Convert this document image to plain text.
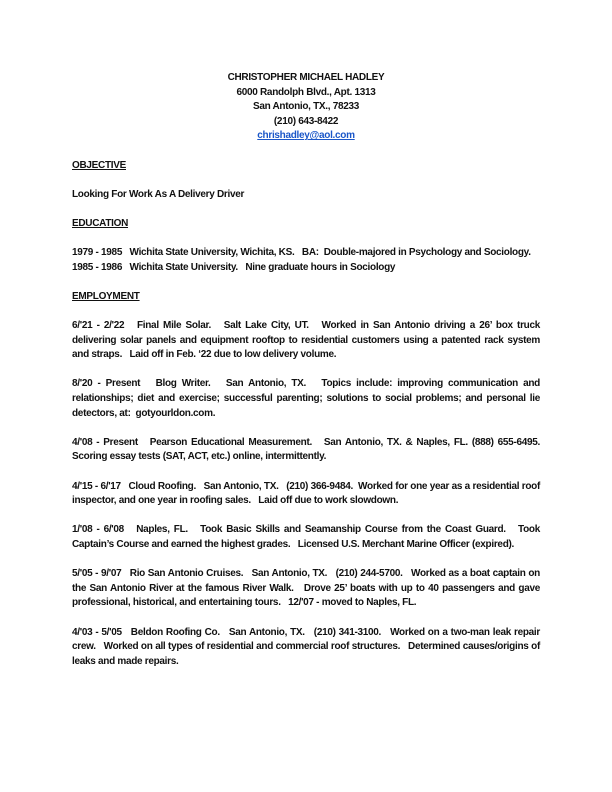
CHRISTOPHER MICHAEL HADLEY
6000 Randolph Blvd., Apt. 1313
San Antonio, TX., 78233
(210) 643-8422
chrishadley@aol.com
OBJECTIVE
Looking For Work As A Delivery Driver
EDUCATION
1979 - 1985   Wichita State University, Wichita, KS.   BA:  Double-majored in Psychology and Sociology.
1985 - 1986   Wichita State University.   Nine graduate hours in Sociology
EMPLOYMENT
6/'21 - 2/'22   Final Mile Solar.   Salt Lake City, UT.   Worked in San Antonio driving a 26’ box truck delivering solar panels and equipment rooftop to residential customers using a patented rack system and straps.   Laid off in Feb. ‘22 due to low delivery volume.
8/'20 - Present   Blog Writer.   San Antonio, TX.   Topics include: improving communication and relationships; diet and exercise; successful parenting; solutions to social problems; and personal lie detectors, at:  gotyourldon.com.
4/'08 - Present   Pearson Educational Measurement.   San Antonio, TX. & Naples, FL. (888) 655-6495.   Scoring essay tests (SAT, ACT, etc.) online, intermittently.
4/'15 - 6/'17   Cloud Roofing.   San Antonio, TX.   (210) 366-9484.  Worked for one year as a residential roof inspector, and one year in roofing sales.   Laid off due to work slowdown.
1/'08 - 6/'08   Naples, FL.   Took Basic Skills and Seamanship Course from the Coast Guard.   Took Captain’s Course and earned the highest grades.   Licensed U.S. Merchant Marine Officer (expired).
5/'05 - 9/'07   Rio San Antonio Cruises.   San Antonio, TX.   (210) 244-5700.   Worked as a boat captain on the San Antonio River at the famous River Walk.   Drove 25’ boats with up to 40 passengers and gave professional, historical, and entertaining tours.   12/'07 - moved to Naples, FL.
4/'03 - 5/'05   Beldon Roofing Co.   San Antonio, TX.   (210) 341-3100.   Worked on a two-man leak repair crew.   Worked on all types of residential and commercial roof structures.   Determined causes/origins of leaks and made repairs.
